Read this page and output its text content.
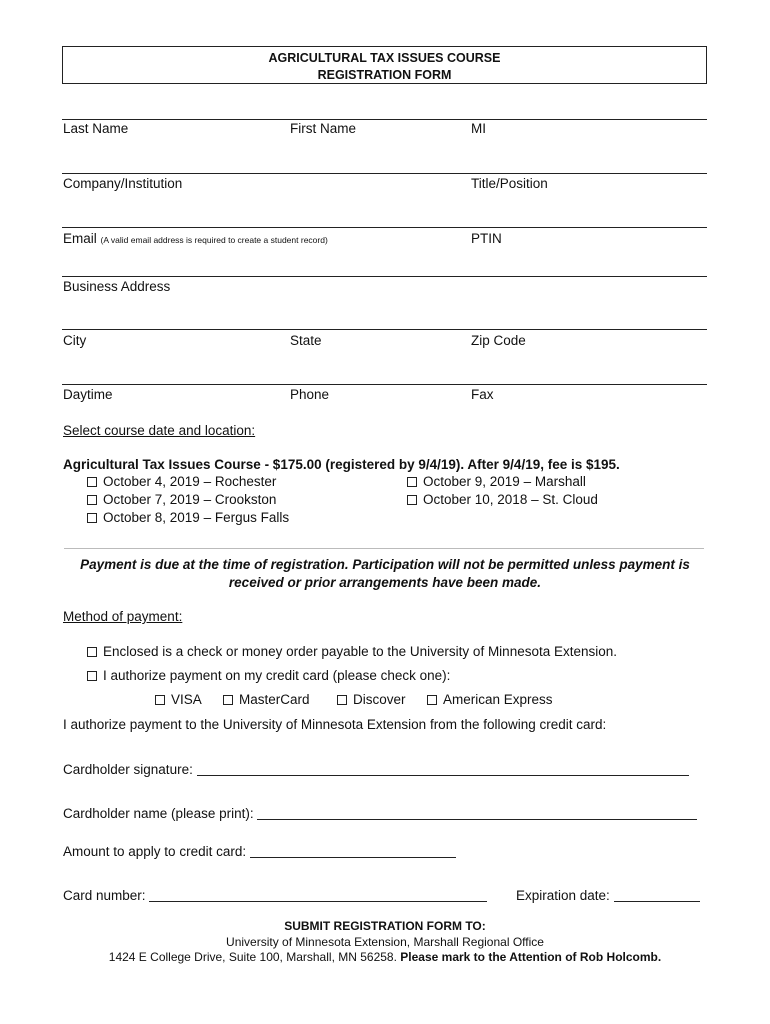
AGRICULTURAL TAX ISSUES COURSE
REGISTRATION FORM
Last Name	First Name	MI
Company/Institution	Title/Position
Email (A valid email address is required to create a student record)	PTIN
Business Address
City	State	Zip Code
Daytime	Phone	Fax
Select course date and location:
Agricultural Tax Issues Course - $175.00 (registered by 9/4/19). After 9/4/19, fee is $195.
October 4, 2019 – Rochester
October 7, 2019 – Crookston
October 8, 2019 – Fergus Falls
October 9, 2019 – Marshall
October 10, 2018 – St. Cloud
Payment is due at the time of registration. Participation will not be permitted unless payment is
received or prior arrangements have been made.
Method of payment:
Enclosed is a check or money order payable to the University of Minnesota Extension.
I authorize payment on my credit card (please check one):
VISA	MasterCard	Discover	American Express
I authorize payment to the University of Minnesota Extension from the following credit card:
Cardholder signature:
Cardholder name (please print):
Amount to apply to credit card:
Card number:	Expiration date:
SUBMIT REGISTRATION FORM TO:
University of Minnesota Extension, Marshall Regional Office
1424 E College Drive, Suite 100, Marshall, MN 56258. Please mark to the Attention of Rob Holcomb.
